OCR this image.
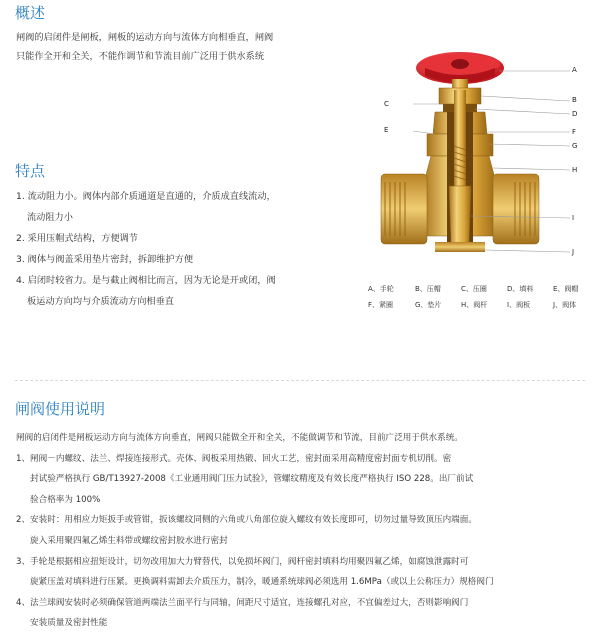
概述
闸阀的启闭件是闸板，闸板的运动方向与流体方向相垂直，闸阀
只能作全开和全关，不能作调节和节流目前广泛用于供水系统
特点
1. 流动阻力小。阀体内部介质通道是直通的，介质成直线流动，
流动阻力小
2. 采用压帽式结构，方便调节
3. 阀体与阀盖采用垫片密封，拆卸维护方便
4. 启闭时较省力。是与截止阀相比而言，因为无论是开或闭，阀
板运动方向均与介质流动方向相垂直
A
B
C
D
E	F
G
H
I
J
A、手轮	B、压帽	C、压圈	D、填料	E、阀帽
F、紧圈	G、垫片	H、阀杆	I、阀板	J、阀体
闸阀使用说明
闸阀的启闭件是闸板运动方向与流体方向垂直，闸阀只能做全开和全关，不能做调节和节流，目前广泛用于供水系统。
1、闸阀－内螺纹、法兰、焊接连接形式。壳体、阀板采用热锻、回火工艺，密封面采用高精度密封面专机切削。密
封试验严格执行 GB/T13927-2008《工业通用阀门压力试验》，管螺纹精度及有效长度严格执行 ISO 228。出厂前试
验合格率为 100%
2、安装时：用相应力矩扳手或管钳，扳该螺纹同侧的六角或八角部位旋入螺纹有效长度即可，切勿过量导致顶压内端面。
旋入采用聚四氟乙烯生料带或螺纹密封胶水进行密封
3、手轮是根据相应扭矩设计，切勿改用加大力臂替代，以免损坏阀门，阀杆密封填料均用聚四氟乙烯，如腐蚀泄露时可
旋紧压盖对填料进行压紧。更换调料需卸去介质压力，制冷，暖通系统球阀必须选用 1.6MPa（或以上公称压力）规格阀门
4、法兰球阀安装时必须确保管道两端法兰面平行与同轴，间距尺寸适宜，连接螺孔对应，不宜偏差过大，否则影响阀门
安装质量及密封性能
